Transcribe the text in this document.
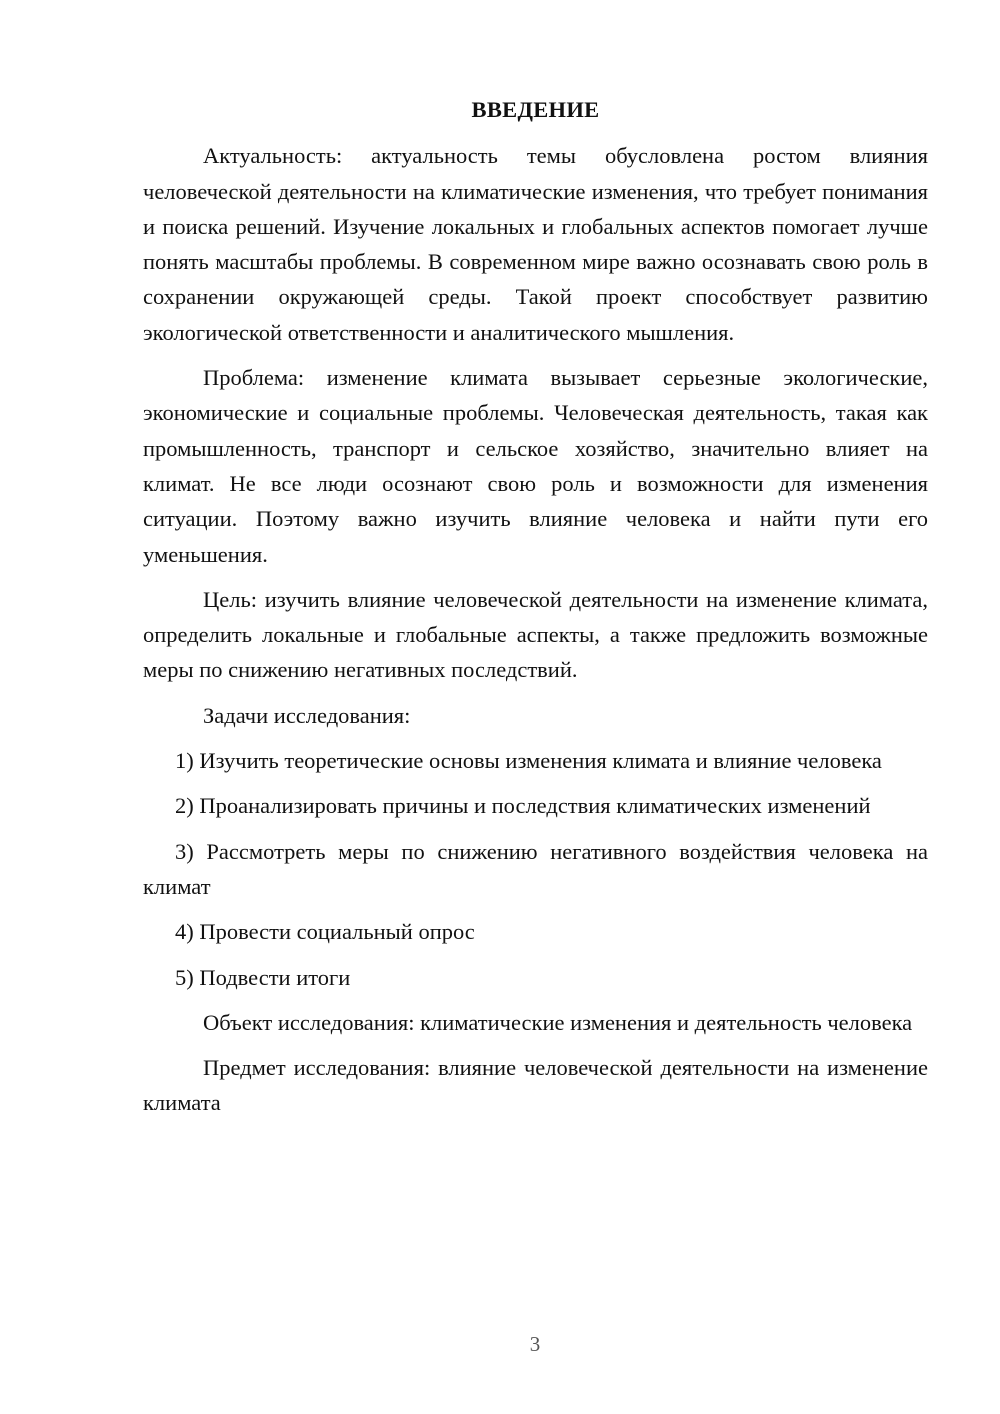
ВВЕДЕНИЕ

Актуальность: актуальность темы обусловлена ростом влияния человеческой деятельности на климатические изменения, что требует понимания и поиска решений. Изучение локальных и глобальных аспектов помогает лучше понять масштабы проблемы. В современном мире важно осознавать свою роль в сохранении окружающей среды. Такой проект способствует развитию экологической ответственности и аналитического мышления.

Проблема: изменение климата вызывает серьезные экологические, экономические и социальные проблемы. Человеческая деятельность, такая как промышленность, транспорт и сельское хозяйство, значительно влияет на климат. Не все люди осознают свою роль и возможности для изменения ситуации. Поэтому важно изучить влияние человека и найти пути его уменьшения.

Цель: изучить влияние человеческой деятельности на изменение климата, определить локальные и глобальные аспекты, а также предложить возможные меры по снижению негативных последствий.

Задачи исследования:

1) Изучить теоретические основы изменения климата и влияние человека

2) Проанализировать причины и последствия климатических изменений

3) Рассмотреть меры по снижению негативного воздействия человека на климат

4) Провести социальный опрос

5) Подвести итоги

Объект исследования: климатические изменения и деятельность человека

Предмет исследования: влияние человеческой деятельности на изменение климата

3
